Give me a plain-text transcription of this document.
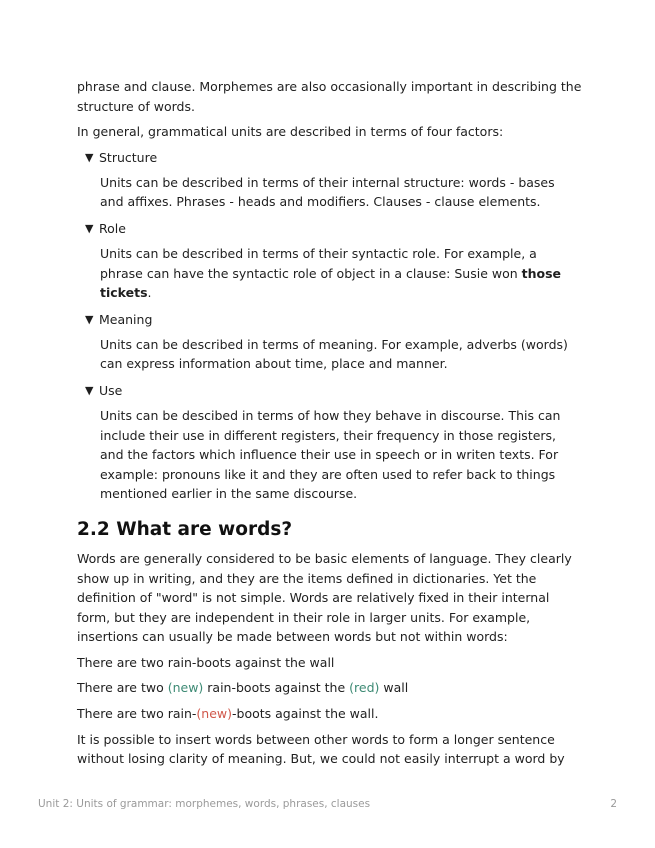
phrase and clause. Morphemes are also occasionally important in describing the structure of words.

In general, grammatical units are described in terms of four factors:

▼ Structure
Units can be described in terms of their internal structure: words - bases and affixes. Phrases - heads and modifiers. Clauses - clause elements.
▼ Role
Units can be described in terms of their syntactic role. For example, a phrase can have the syntactic role of object in a clause: Susie won those tickets.
▼ Meaning
Units can be described in terms of meaning. For example, adverbs (words) can express information about time, place and manner.
▼ Use
Units can be descibed in terms of how they behave in discourse. This can include their use in different registers, their frequency in those registers, and the factors which influence their use in speech or in writen texts. For example: pronouns like it and they are often used to refer back to things mentioned earlier in the same discourse.
2.2 What are words?

Words are generally considered to be basic elements of language. They clearly show up in writing, and they are the items defined in dictionaries. Yet the definition of "word" is not simple. Words are relatively fixed in their internal form, but they are independent in their role in larger units. For example, insertions can usually be made between words but not within words:

There are two rain-boots against the wall

There are two (new) rain-boots against the (red) wall

There are two rain-(new)-boots against the wall.

It is possible to insert words between other words to form a longer sentence without losing clarity of meaning. But, we could not easily interrupt a word by

Unit 2: Units of grammar: morphemes, words, phrases, clauses	2
